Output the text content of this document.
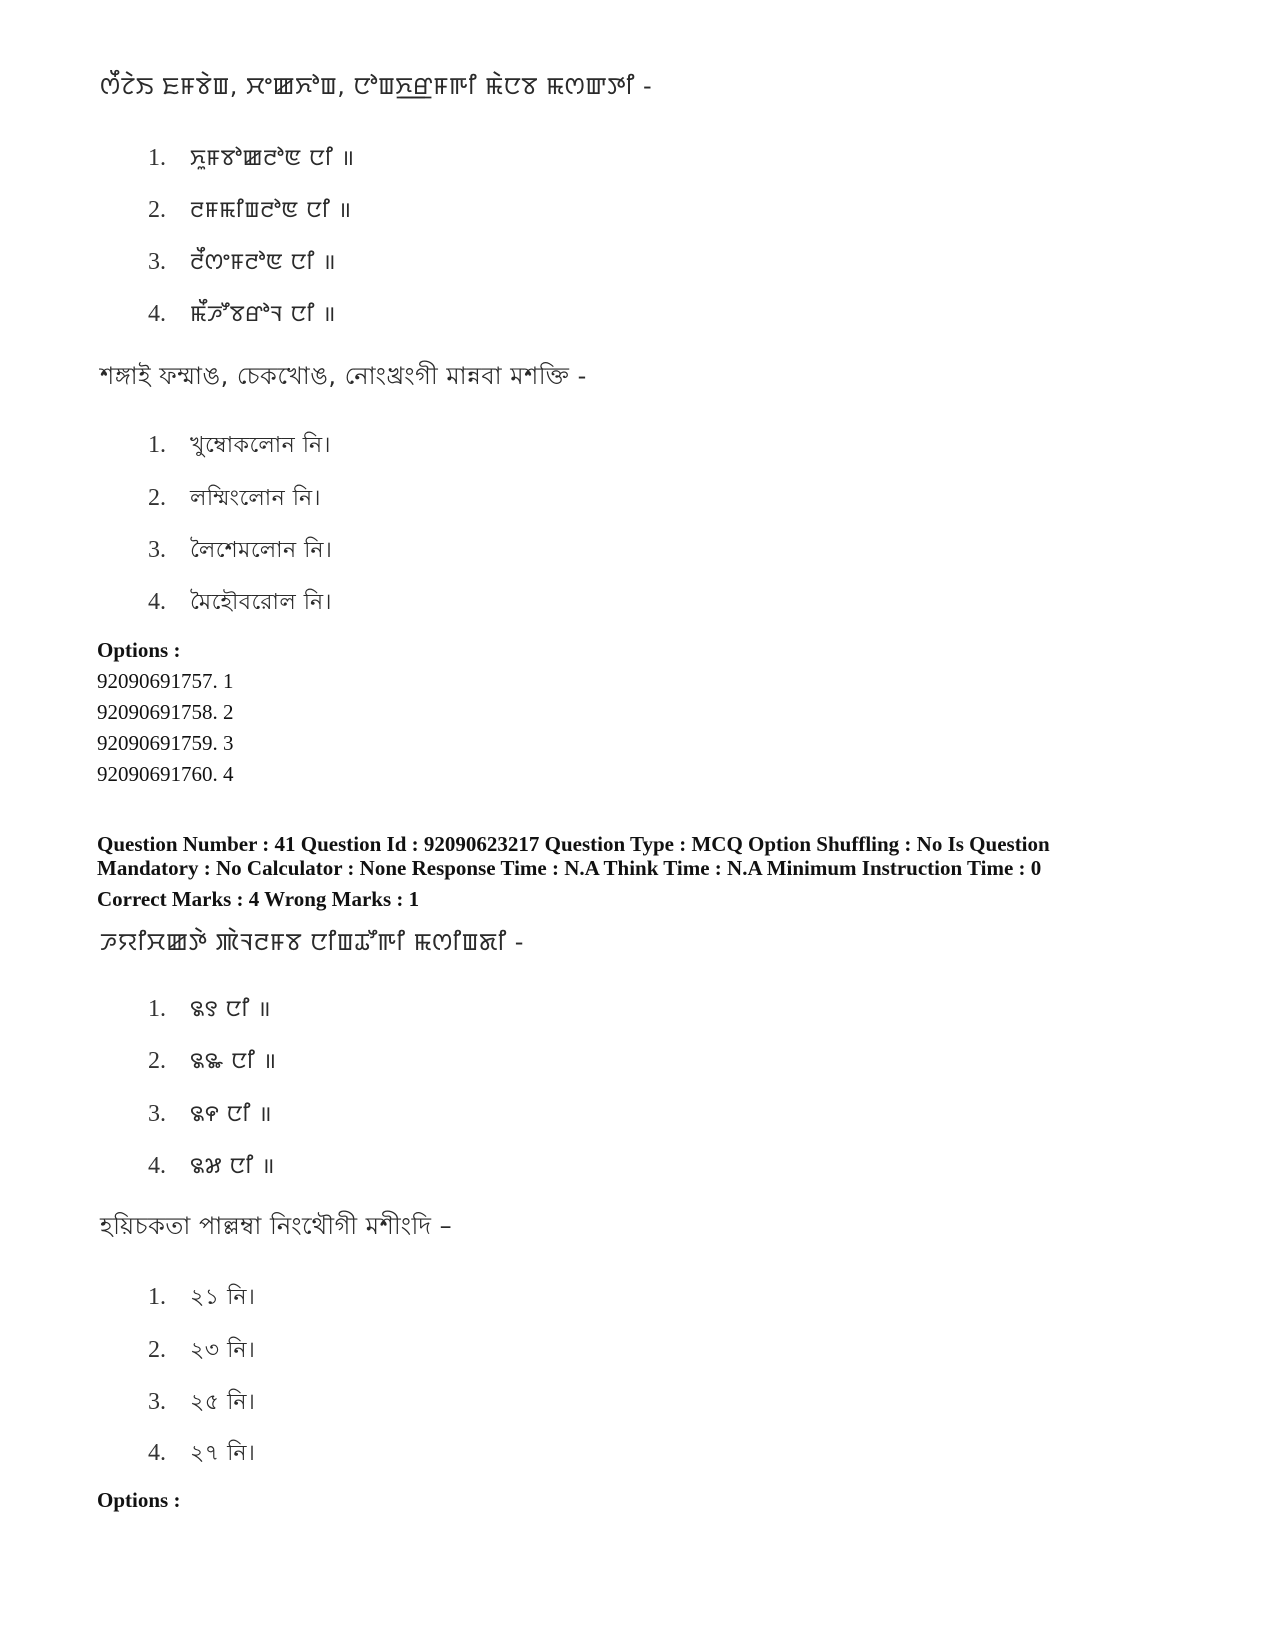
ꯁꯩꯖꯥꯏ ꯐꯝꯕꯥꯡ, ꯆꯦꯀꯈꯣꯡ, ꯅꯣꯡꯈ꯭ꯔꯝꯒꯤ ꯃꯥꯅꯕ ꯃꯁꯛꯇꯤ -
1.	ꯈꯨꯝꯕꯣꯀꯂꯣꯟ ꯅꯤ ॥
2.	ꯂꯝꯃꯤꯡꯂꯣꯟ ꯅꯤ ॥
3.	ꯂꯩꯁꯦꯝꯂꯣꯟ ꯅꯤ ॥
4.	ꯃꯩꯍꯧꯕꯔꯣꯜ ꯅꯤ ॥
শঙ্গাই ফম্মাঙ, চেকখোঙ, নোংখ্রংগী মান্নবা মশক্তি -
1.	খুম্বোকলোন নি।
2.	লম্মিংলোন নি।
3.	লৈশেমলোন নি।
4.	মৈহৌবরোল নি।
Options :
92090691757. 1
92090691758. 2
92090691759. 3
92090691760. 4
Question Number : 41 Question Id : 92090623217 Question Type : MCQ Option Shuffling : No Is Question
Mandatory : No Calculator : None Response Time : N.A Think Time : N.A Minimum Instruction Time : 0
Correct Marks : 4 Wrong Marks : 1
ꯍꯌꯤꯆꯀꯇꯥ ꯄꯥꯜꯂꯝꯕ ꯅꯤꯡꯊꯧꯒꯤ ꯃꯁꯤꯡꯗꯤ -
1.	꯲꯱ ꯅꯤ ॥
2.	꯲꯳ ꯅꯤ ॥
3.	꯲꯵ ꯅꯤ ॥
4.	꯲꯷ ꯅꯤ ॥
হয়িচকতা পাল্লম্বা নিংথৌগী মশীংদি –
1.	২১ নি।
2.	২৩ নি।
3.	২৫ নি।
4.	২৭ নি।
Options :
